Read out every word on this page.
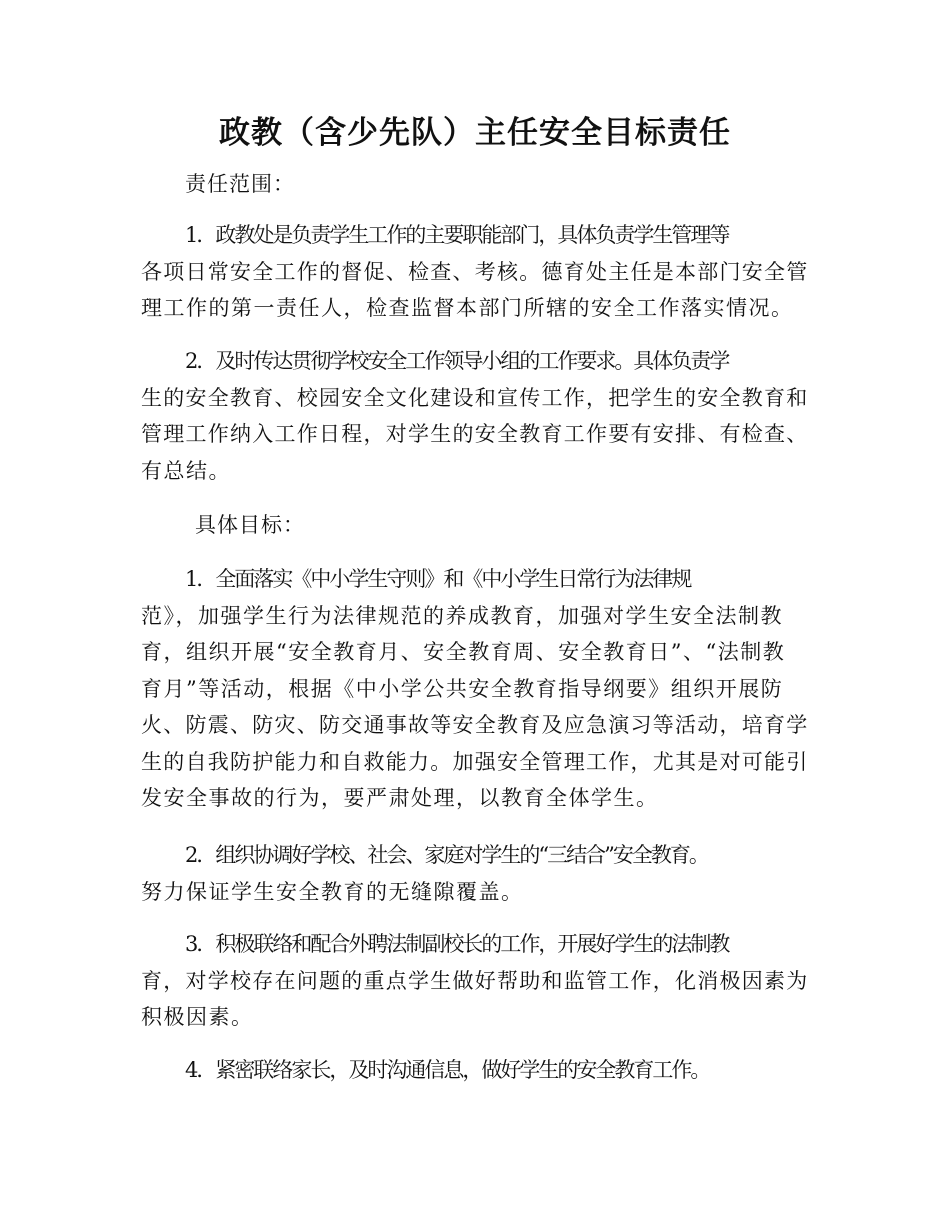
政教（含少先队）主任安全目标责任
责任范围：
1．政教处是负责学生工作的主要职能部门，具体负责学生管理等
各项日常安全工作的督促、检查、考核。德育处主任是本部门安全管
理工作的第一责任人，检查监督本部门所辖的安全工作落实情况。
2．及时传达贯彻学校安全工作领导小组的工作要求。具体负责学
生的安全教育、校园安全文化建设和宣传工作，把学生的安全教育和
管理工作纳入工作日程，对学生的安全教育工作要有安排、有检查、
有总结。
具体目标：
1．全面落实《中小学生守则》和《中小学生日常行为法律规
范》，加强学生行为法律规范的养成教育，加强对学生安全法制教
育，组织开展“安全教育月、安全教育周、安全教育日”、“法制教
育月”等活动，根据《中小学公共安全教育指导纲要》组织开展防
火、防震、防灾、防交通事故等安全教育及应急演习等活动，培育学
生的自我防护能力和自救能力。加强安全管理工作，尤其是对可能引
发安全事故的行为，要严肃处理，以教育全体学生。
2．组织协调好学校、社会、家庭对学生的“三结合”安全教育。
努力保证学生安全教育的无缝隙覆盖。
3．积极联络和配合外聘法制副校长的工作，开展好学生的法制教
育，对学校存在问题的重点学生做好帮助和监管工作，化消极因素为
积极因素。
4．紧密联络家长，及时沟通信息，做好学生的安全教育工作。
